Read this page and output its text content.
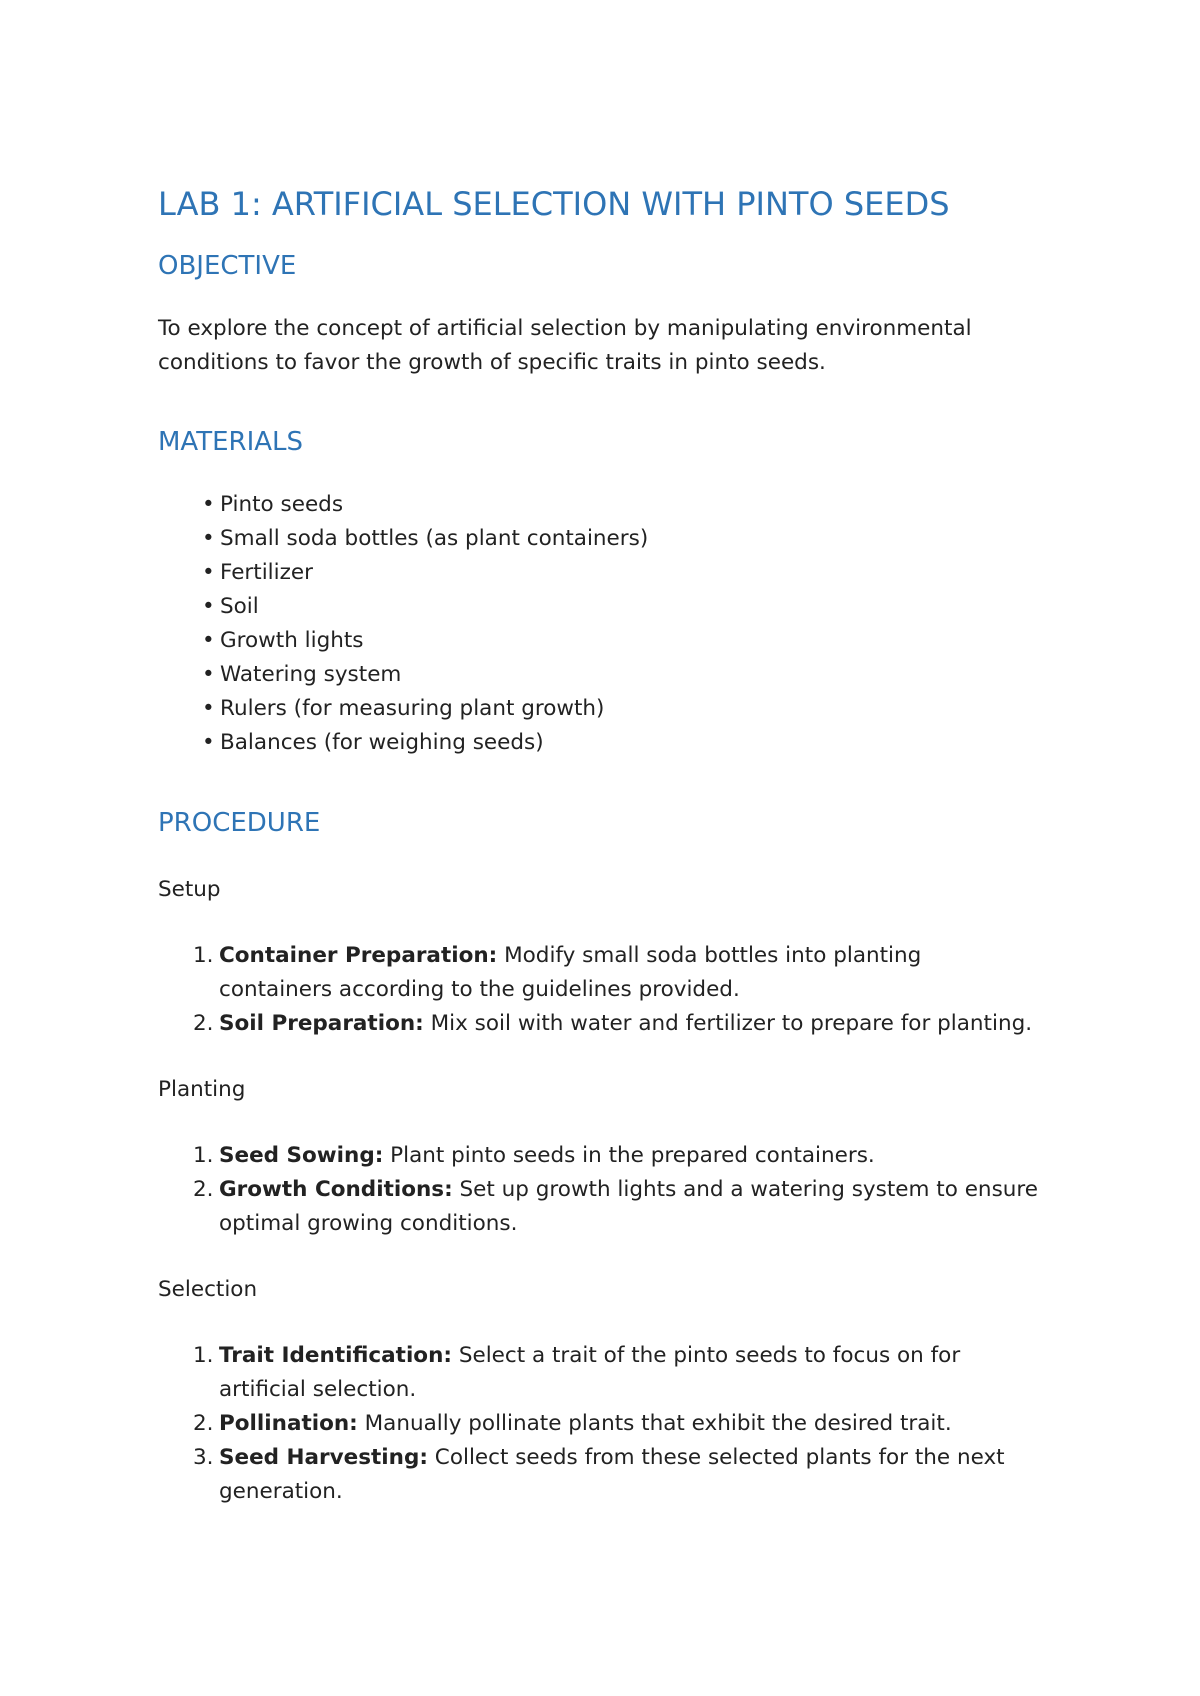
LAB 1: ARTIFICIAL SELECTION WITH PINTO SEEDS
OBJECTIVE

To explore the concept of artificial selection by manipulating environmental conditions to favor the growth of specific traits in pinto seeds.

MATERIALS
• Pinto seeds
• Small soda bottles (as plant containers)
• Fertilizer
• Soil
• Growth lights
• Watering system
• Rulers (for measuring plant growth)
• Balances (for weighing seeds)
PROCEDURE

Setup

1. Container Preparation: Modify small soda bottles into planting containers according to the guidelines provided.
2. Soil Preparation: Mix soil with water and fertilizer to prepare for planting.

Planting

1. Seed Sowing: Plant pinto seeds in the prepared containers.
2. Growth Conditions: Set up growth lights and a watering system to ensure optimal growing conditions.

Selection

1. Trait Identification: Select a trait of the pinto seeds to focus on for artificial selection.
2. Pollination: Manually pollinate plants that exhibit the desired trait.
3. Seed Harvesting: Collect seeds from these selected plants for the next generation.
